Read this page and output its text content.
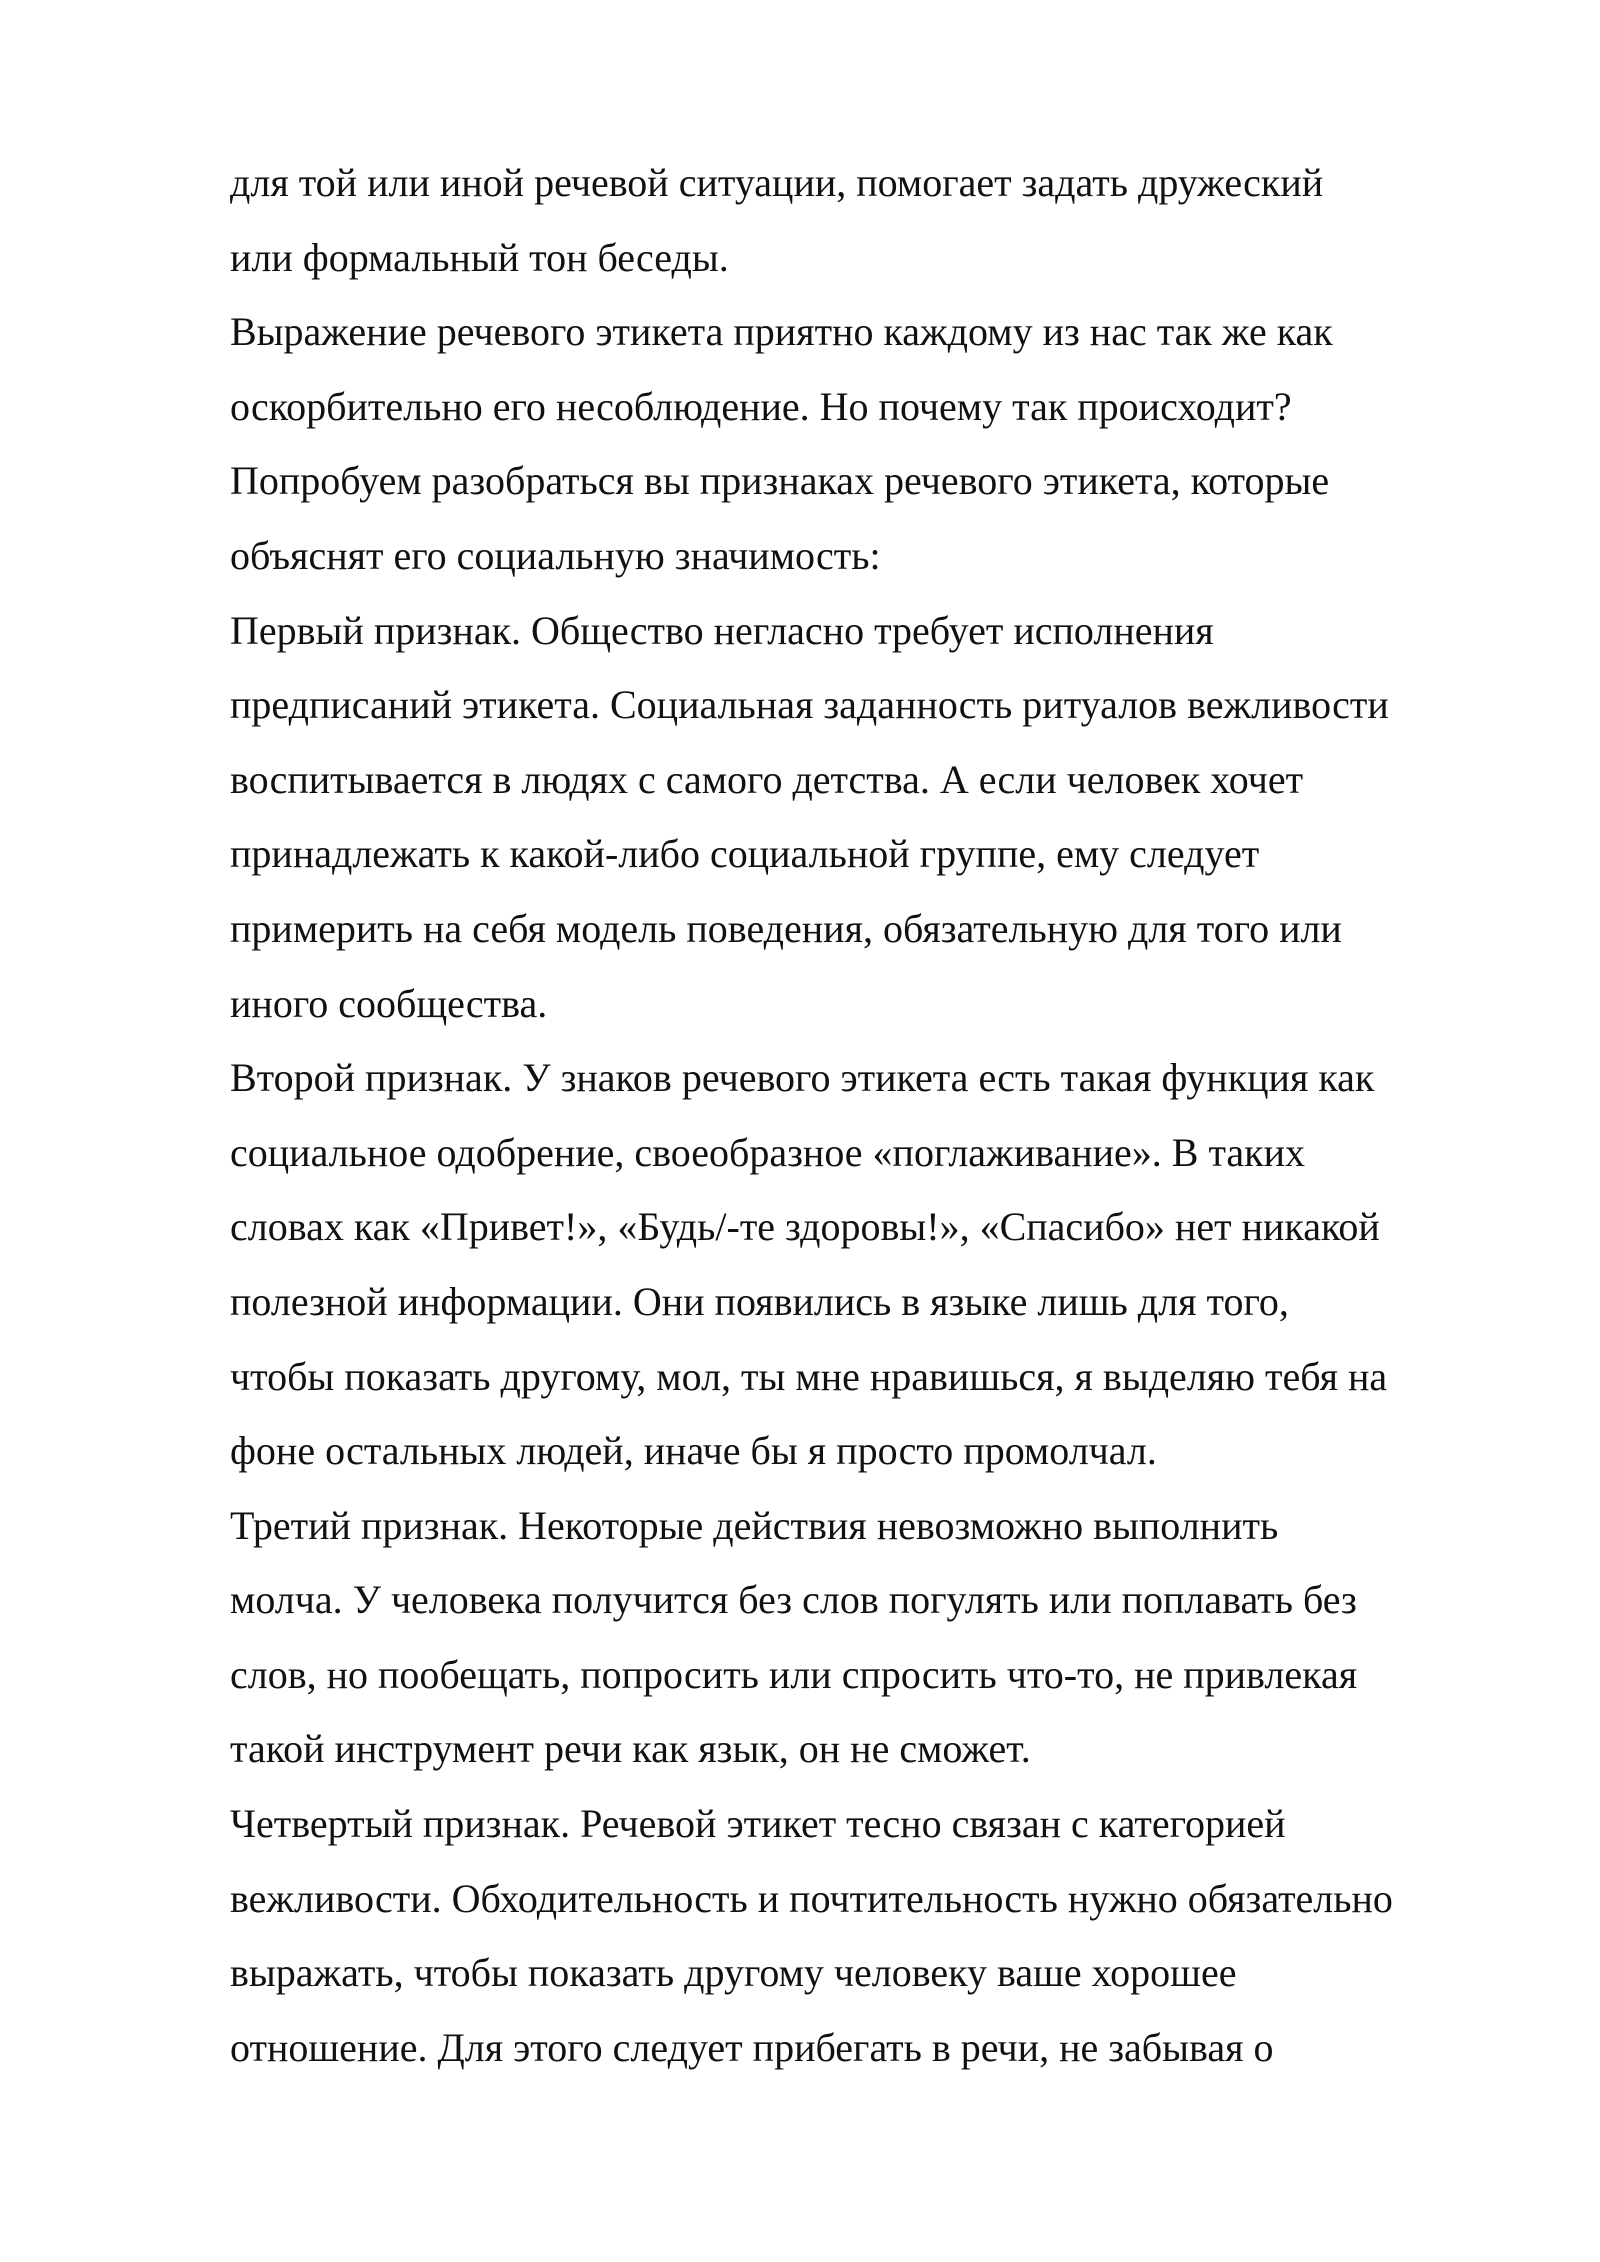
для той или иной речевой ситуации, помогает задать дружеский
или формальный тон беседы.
Выражение речевого этикета приятно каждому из нас так же как
оскорбительно его несоблюдение. Но почему так происходит?
Попробуем разобраться вы признаках речевого этикета, которые
объяснят его социальную значимость:
Первый признак. Общество негласно требует исполнения
предписаний этикета. Социальная заданность ритуалов вежливости
воспитывается в людях с самого детства. А если человек хочет
принадлежать к какой-либо социальной группе, ему следует
примерить на себя модель поведения, обязательную для того или
иного сообщества.
Второй признак. У знаков речевого этикета есть такая функция как
социальное одобрение, своеобразное «поглаживание». В таких
словах как «Привет!», «Будь/-те здоровы!», «Спасибо» нет никакой
полезной информации. Они появились в языке лишь для того,
чтобы показать другому, мол, ты мне нравишься, я выделяю тебя на
фоне остальных людей, иначе бы я просто промолчал.
Третий признак. Некоторые действия невозможно выполнить
молча. У человека получится без слов погулять или поплавать без
слов, но пообещать, попросить или спросить что-то, не привлекая
такой инструмент речи как язык, он не сможет.
Четвертый признак. Речевой этикет тесно связан с категорией
вежливости. Обходительность и почтительность нужно обязательно
выражать, чтобы показать другому человеку ваше хорошее
отношение. Для этого следует прибегать в речи, не забывая о
